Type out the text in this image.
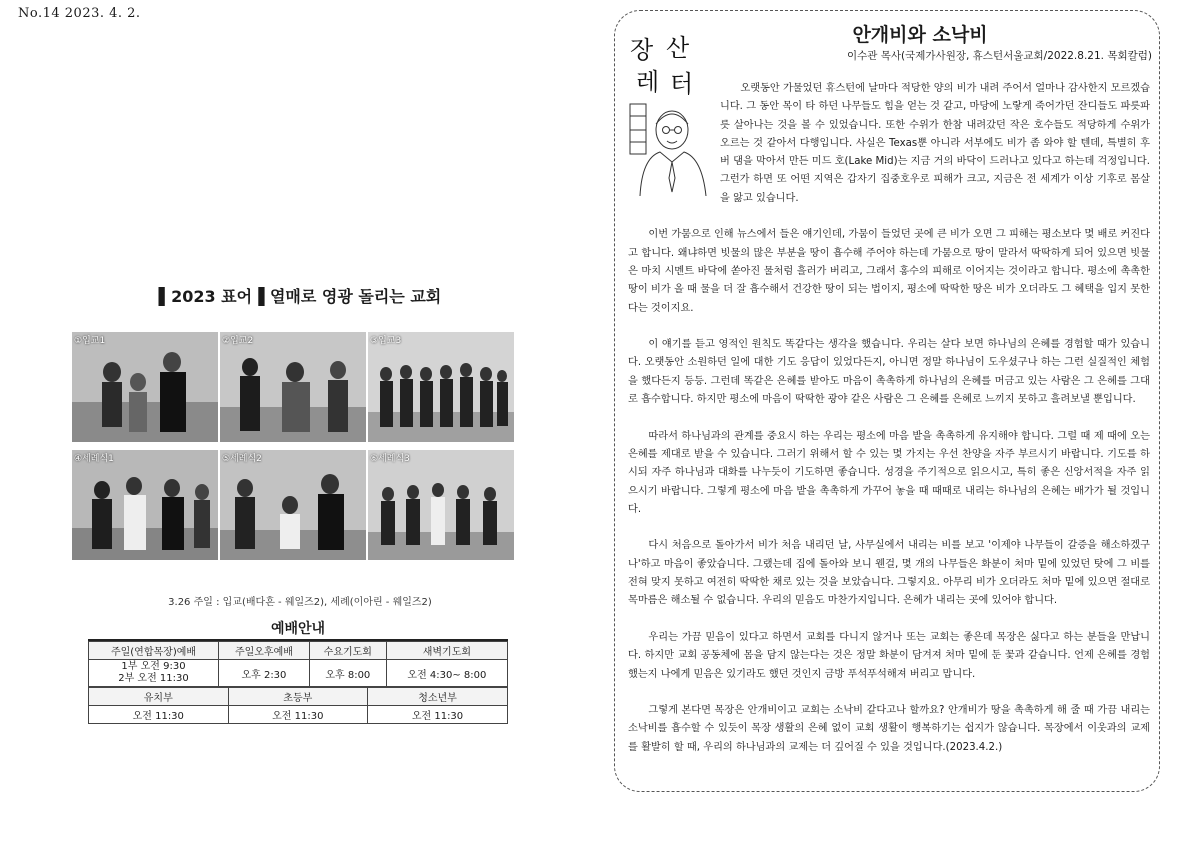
No.14 2023. 4. 2.
▌2023 표어▐ 열매로 영광 돌리는 교회
①입교1	②입교2	③입교3
④세례식1	⑤세례식2	⑥세례식3
3.26 주일 : 입교(배다흔 - 웨일즈2), 세례(이아린 - 웨일즈2)
예배안내
주일(연합목장)예배	주일오후예배	수요기도회	새벽기도회

1부 오전 9:30
2부 오전 11:30	오후 2:30	오후 8:00	오전 4:30~ 8:00
유치부	초등부	청소년부
오전 11:30	오전 11:30	오전 11:30
장 산
레 터
안개비와 소낙비
이수관 목사(국제가사원장, 휴스턴서울교회/2022.8.21. 목회칼럼)

오랫동안 가물었던 휴스턴에 날마다 적당한 양의 비가 내려 주어서 얼마나 감사한지 모르겠습니다. 그 동안 목이 타 하던 나무들도 힘을 얻는 것 같고, 마당에 노랗게 죽어가던 잔디들도 파릇파릇 살아나는 것을 볼 수 있었습니다. 또한 수위가 한참 내려갔던 작은 호수들도 적당하게 수위가 오르는 것 같아서 다행입니다. 사실은 Texas뿐 아니라 서부에도 비가 좀 와야 할 텐데, 특별히 후버 댐을 막아서 만든 미드 호(Lake Mid)는 지금 거의 바닥이 드러나고 있다고 하는데 걱정입니다. 그런가 하면 또 어떤 지역은 갑자기 집중호우로 피해가 크고, 지금은 전 세계가 이상 기후로 몸살을 앓고 있습니다.

이번 가뭄으로 인해 뉴스에서 들은 얘기인데, 가뭄이 들었던 곳에 큰 비가 오면 그 피해는 평소보다 몇 배로 커진다고 합니다. 왜냐하면 빗물의 많은 부분을 땅이 흡수해 주어야 하는데 가뭄으로 땅이 말라서 딱딱하게 되어 있으면 빗물은 마치 시멘트 바닥에 쏟아진 물처럼 흘러가 버리고, 그래서 홍수의 피해로 이어지는 것이라고 합니다. 평소에 촉촉한 땅이 비가 올 때 물을 더 잘 흡수해서 건강한 땅이 되는 법이지, 평소에 딱딱한 땅은 비가 오더라도 그 혜택을 입지 못한다는 것이지요.

이 얘기를 듣고 영적인 원칙도 똑같다는 생각을 했습니다. 우리는 살다 보면 하나님의 은혜를 경험할 때가 있습니다. 오랫동안 소원하던 일에 대한 기도 응답이 있었다든지, 아니면 정말 하나님이 도우셨구나 하는 그런 실질적인 체험을 했다든지 등등. 그런데 똑같은 은혜를 받아도 마음이 촉촉하게 하나님의 은혜를 머금고 있는 사람은 그 은혜를 그대로 흡수합니다. 하지만 평소에 마음이 딱딱한 광야 같은 사람은 그 은혜를 은혜로 느끼지 못하고 흘려보낼 뿐입니다.

따라서 하나님과의 관계를 중요시 하는 우리는 평소에 마음 밭을 촉촉하게 유지해야 합니다. 그럴 때 제 때에 오는 은혜를 제대로 받을 수 있습니다. 그러기 위해서 할 수 있는 몇 가지는 우선 찬양을 자주 부르시기 바랍니다. 기도를 하시되 자주 하나님과 대화를 나누듯이 기도하면 좋습니다. 성경을 주기적으로 읽으시고, 특히 좋은 신앙서적을 자주 읽으시기 바랍니다. 그렇게 평소에 마음 밭을 촉촉하게 가꾸어 놓을 때 때때로 내리는 하나님의 은혜는 배가가 될 것입니다.

다시 처음으로 돌아가서 비가 처음 내리던 날, 사무실에서 내리는 비를 보고 '이제야 나무들이 갈증을 해소하겠구나'하고 마음이 좋았습니다. 그랬는데 집에 돌아와 보니 웬걸, 몇 개의 나무들은 화분이 처마 밑에 있었던 탓에 그 비를 전혀 맞지 못하고 여전히 딱딱한 채로 있는 것을 보았습니다. 그렇지요. 아무리 비가 오더라도 처마 밑에 있으면 절대로 목마름은 해소될 수 없습니다. 우리의 믿음도 마찬가지입니다. 은혜가 내리는 곳에 있어야 합니다.

우리는 가끔 믿음이 있다고 하면서 교회를 다니지 않거나 또는 교회는 좋은데 목장은 싫다고 하는 분들을 만납니다. 하지만 교회 공동체에 몸을 담지 않는다는 것은 정말 화분이 담겨져 처마 밑에 둔 꽃과 같습니다. 언제 은혜를 경험했는지 나에게 믿음은 있기라도 했던 것인지 금방 푸석푸석해져 버리고 맙니다.

그렇게 본다면 목장은 안개비이고 교회는 소낙비 같다고나 할까요? 안개비가 땅을 촉촉하게 해 줄 때 가끔 내리는 소낙비를 흡수할 수 있듯이 목장 생활의 은혜 없이 교회 생활이 행복하기는 쉽지가 않습니다. 목장에서 이웃과의 교제를 활발히 할 때, 우리의 하나님과의 교제는 더 깊어질 수 있을 것입니다.(2023.4.2.)
